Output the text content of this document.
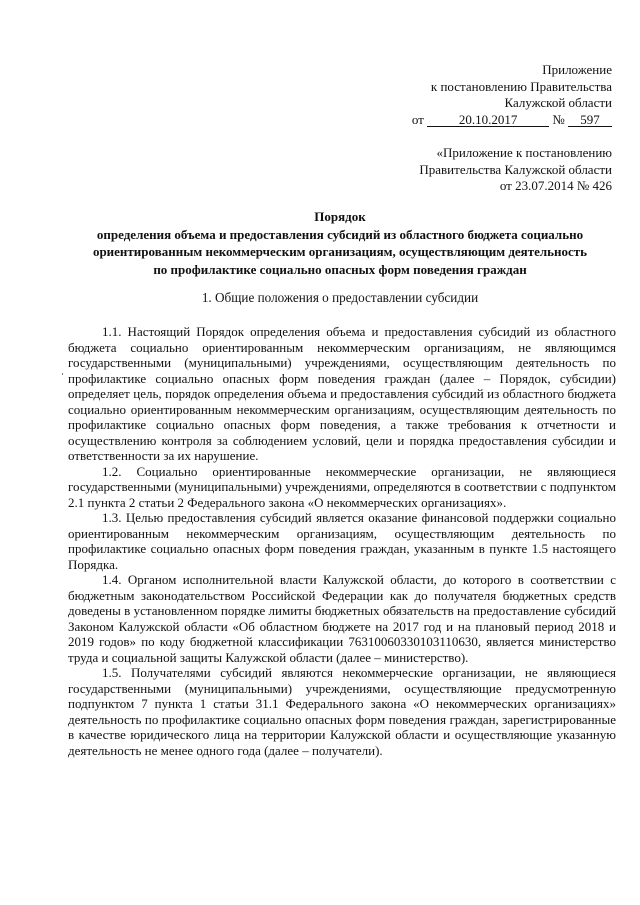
Приложение
к постановлению Правительства
Калужской области
от	20.10.2017	№ 597
«Приложение к постановлению
Правительства Калужской области
от 23.07.2014 № 426
Порядок
определения объема и предоставления субсидий из областного бюджета социально
ориентированным некоммерческим организациям, осуществляющим деятельность
по профилактике социально опасных форм поведения граждан
1. Общие положения о предоставлении субсидии

1.1. Настоящий Порядок определения объема и предоставления субсидий из областного бюджета социально ориентированным некоммерческим организациям, не являющимся государственными (муниципальными) учреждениями, осуществляющим деятельность по профилактике социально опасных форм поведения граждан (далее – Порядок, субсидии) определяет цель, порядок определения объема и предоставления субсидий из областного бюджета социально ориентированным некоммерческим организациям, осуществляющим деятельность по профилактике социально опасных форм поведения, а также требования к отчетности и осуществлению контроля за соблюдением условий, цели и порядка предоставления субсидии и ответственности за их нарушение.

1.2. Социально ориентированные некоммерческие организации, не являющиеся государственными (муниципальными) учреждениями, определяются в соответствии с подпунктом 2.1 пункта 2 статьи 2 Федерального закона «О некоммерческих организациях».

1.3. Целью предоставления субсидий является оказание финансовой поддержки социально ориентированным некоммерческим организациям, осуществляющим деятельность по профилактике социально опасных форм поведения граждан, указанным в пункте 1.5 настоящего Порядка.

1.4. Органом исполнительной власти Калужской области, до которого в соответствии с бюджетным законодательством Российской Федерации как до получателя бюджетных средств доведены в установленном порядке лимиты бюджетных обязательств на предоставление субсидий Законом Калужской области «Об областном бюджете на 2017 год и на плановый период 2018 и 2019 годов» по коду бюджетной классификации 76310060330103110630, является министерство труда и социальной защиты Калужской области (далее – министерство).

1.5. Получателями субсидий являются некоммерческие организации, не являющиеся государственными (муниципальными) учреждениями, осуществляющие предусмотренную подпунктом 7 пункта 1 статьи 31.1 Федерального закона «О некоммерческих организациях» деятельность по профилактике социально опасных форм поведения граждан, зарегистрированные в качестве юридического лица на территории Калужской области и осуществляющие указанную деятельность не менее одного года (далее – получатели).
